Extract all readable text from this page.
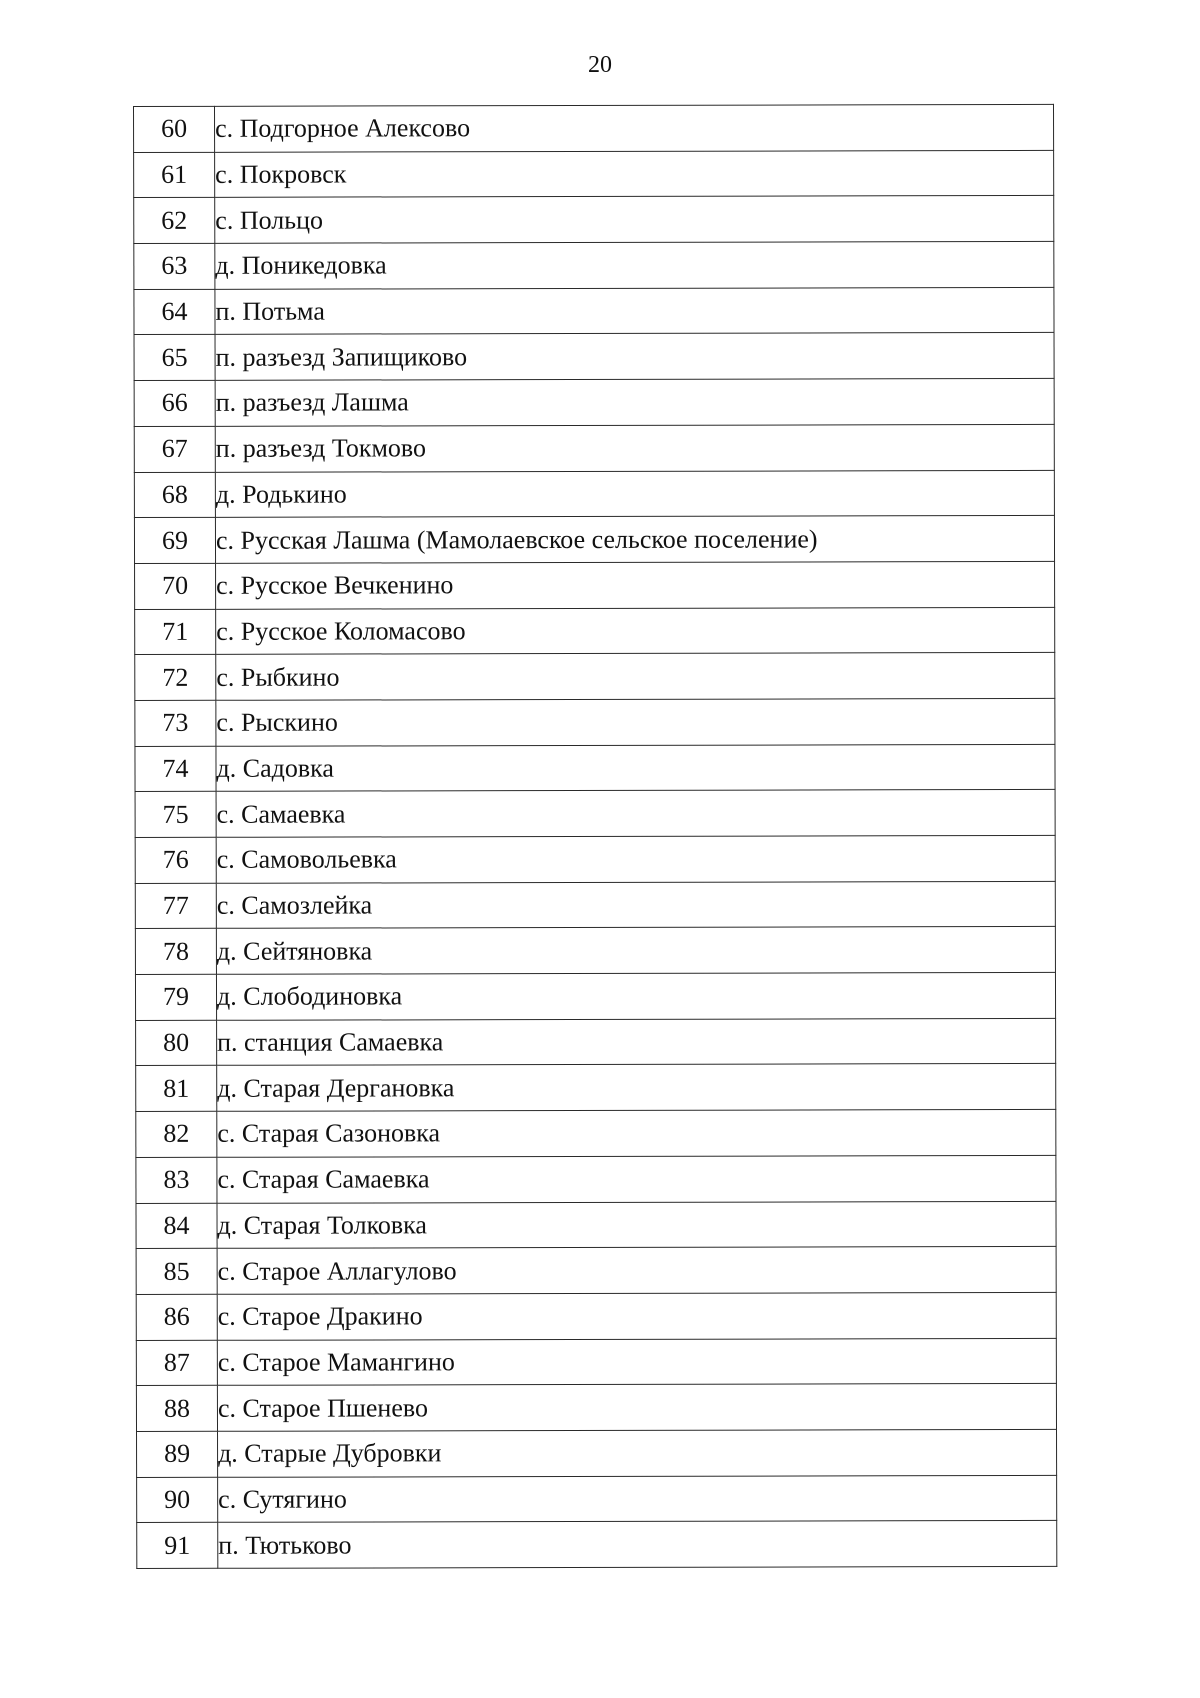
20
60	с. Подгорное Алексово
61	с. Покровск
62	с. Польцо
63	д. Поникедовка
64	п. Потьма
65	п. разъезд Запищиково
66	п. разъезд Лашма
67	п. разъезд Токмово
68	д. Родькино
69	с. Русская Лашма (Мамолаевское сельское поселение)
70	с. Русское Вечкенино
71	с. Русское Коломасово
72	с. Рыбкино
73	с. Рыскино
74	д. Садовка
75	с. Самаевка
76	с. Самовольевка
77	с. Самозлейка
78	д. Сейтяновка
79	д. Слободиновка
80	п. станция Самаевка
81	д. Старая Дергановка
82	с. Старая Сазоновка
83	с. Старая Самаевка
84	д. Старая Толковка
85	с. Старое Аллагулово
86	с. Старое Дракино
87	с. Старое Мамангино
88	с. Старое Пшенево
89	д. Старые Дубровки
90	с. Сутягино
91	п. Тютьково
